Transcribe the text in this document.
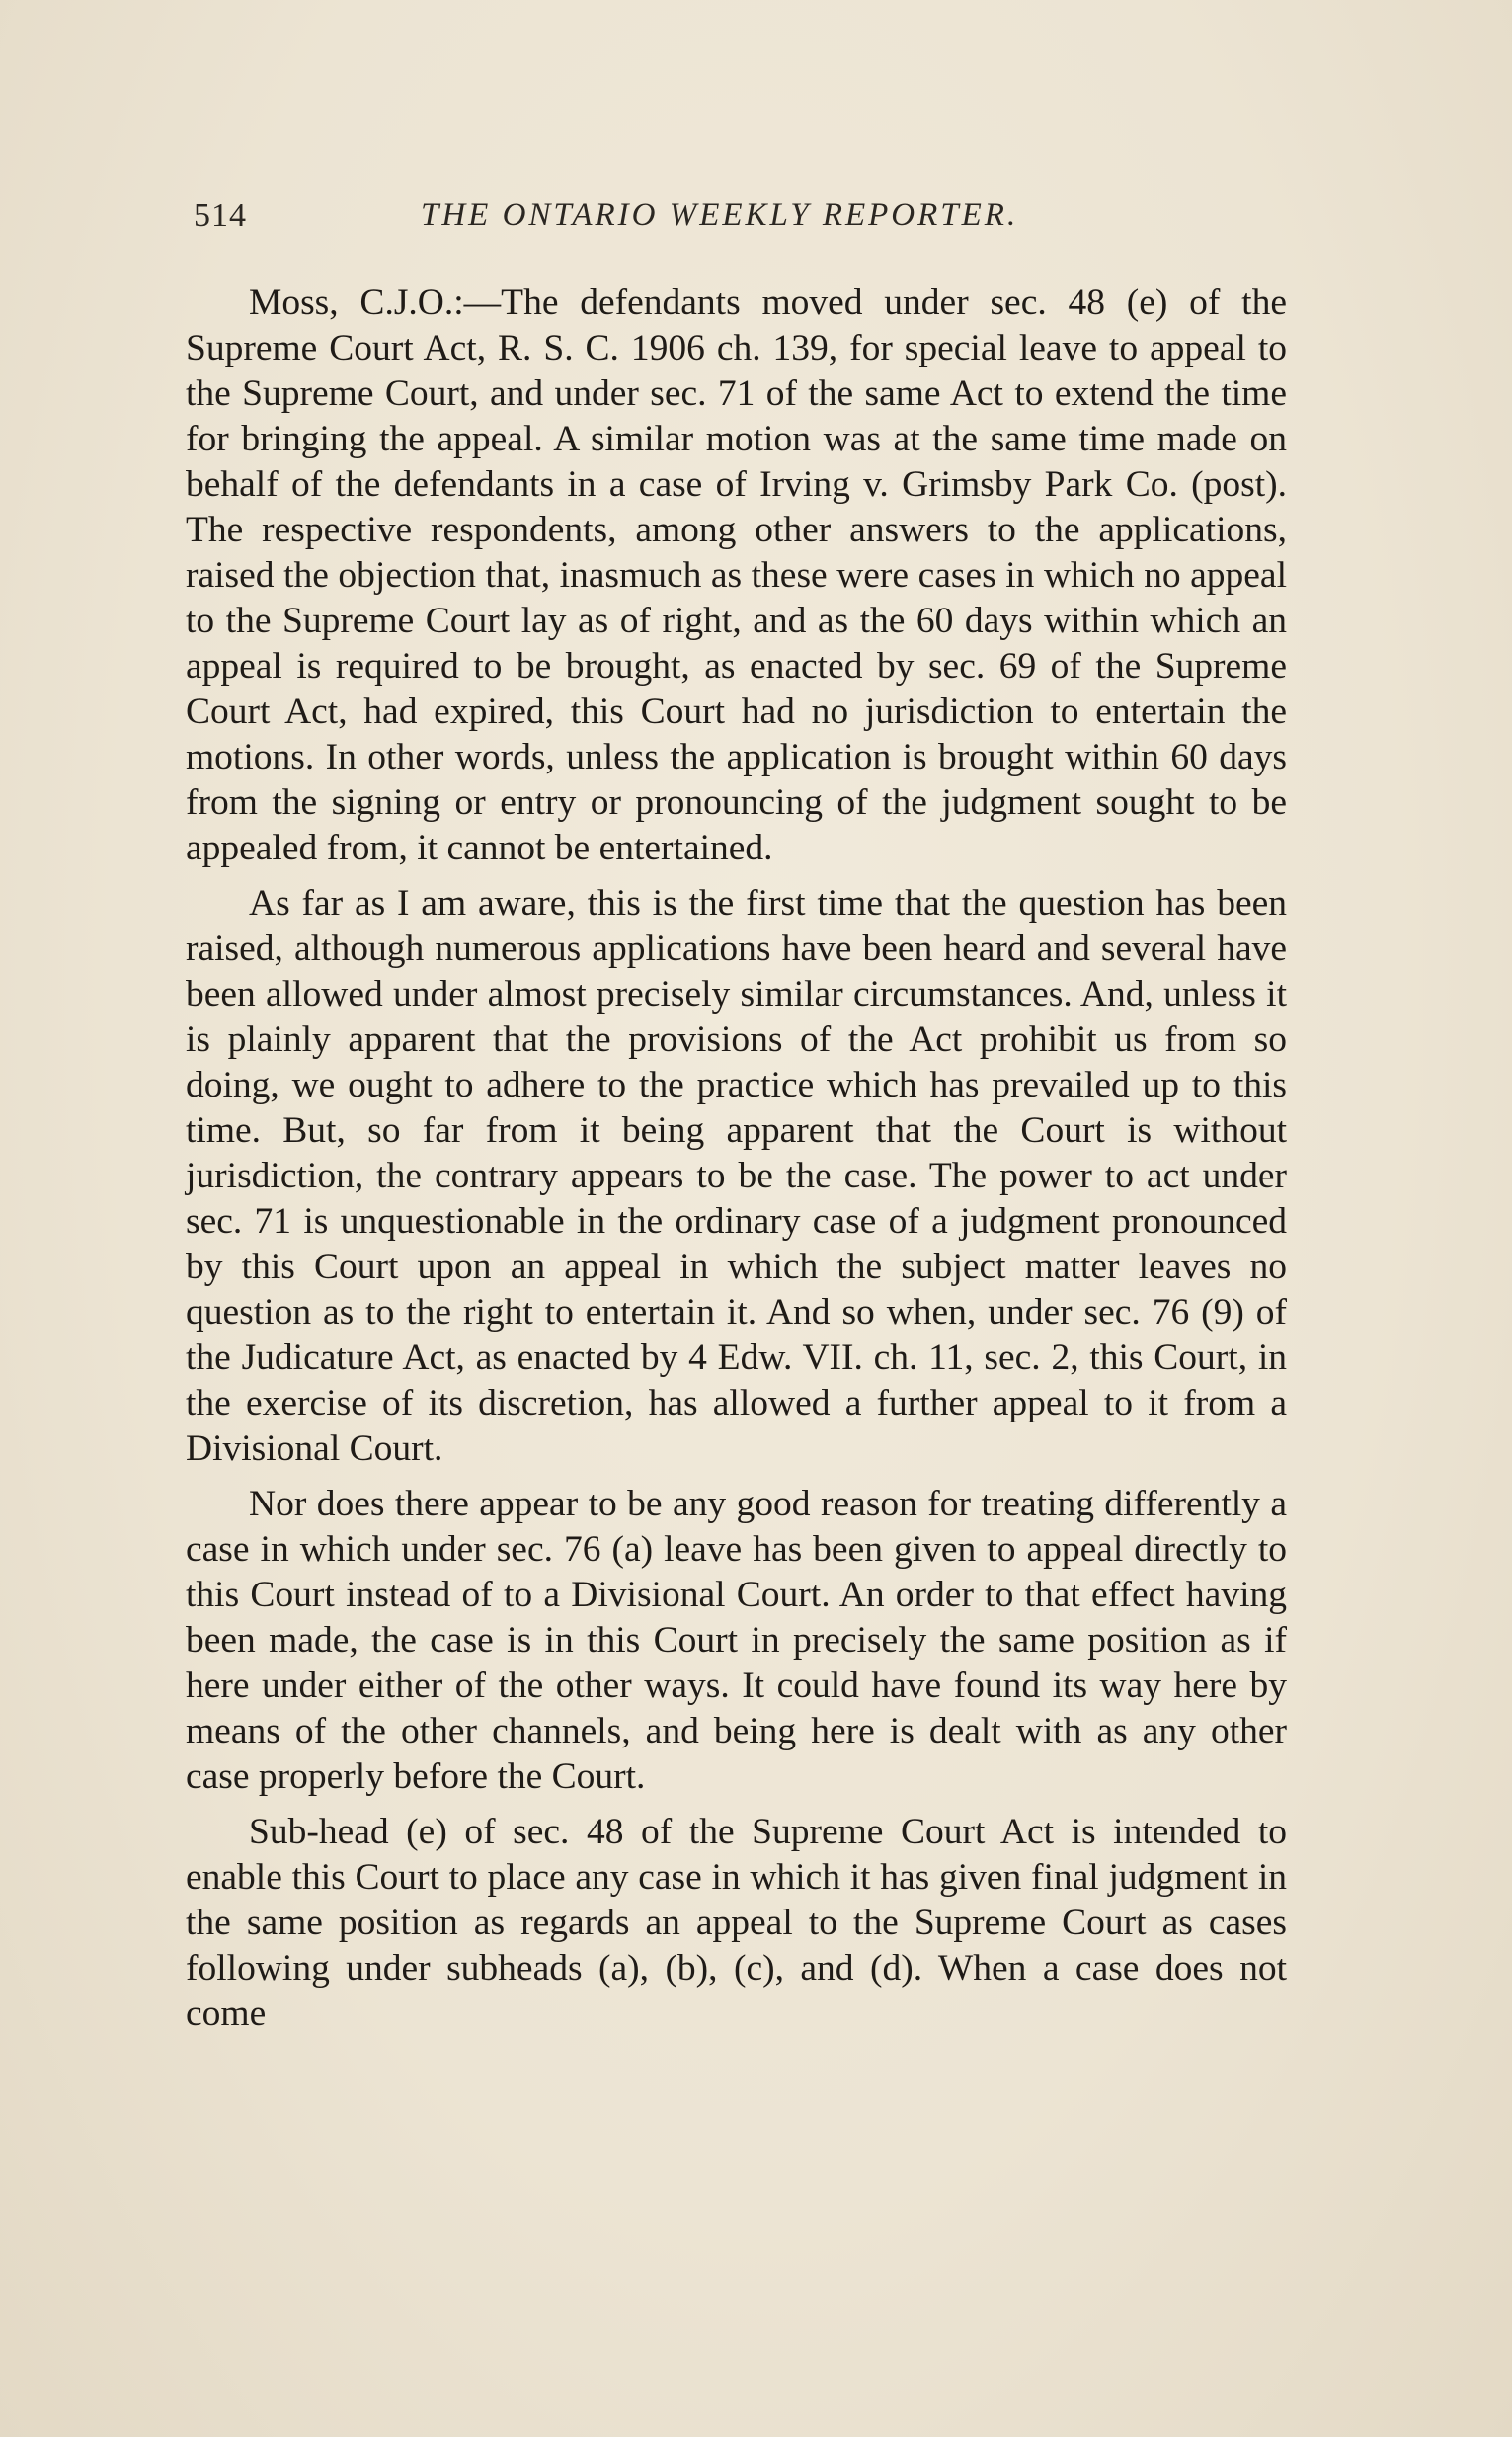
514	THE ONTARIO WEEKLY REPORTER.

Moss, C.J.O.:—The defendants moved under sec. 48 (e) of the Supreme Court Act, R. S. C. 1906 ch. 139, for special leave to appeal to the Supreme Court, and under sec. 71 of the same Act to extend the time for bringing the appeal. A similar motion was at the same time made on behalf of the defendants in a case of Irving v. Grimsby Park Co. (post). The respective respondents, among other answers to the applications, raised the objection that, inasmuch as these were cases in which no appeal to the Supreme Court lay as of right, and as the 60 days within which an appeal is required to be brought, as enacted by sec. 69 of the Supreme Court Act, had expired, this Court had no jurisdiction to entertain the motions. In other words, unless the application is brought within 60 days from the signing or entry or pronouncing of the judgment sought to be appealed from, it cannot be entertained.

As far as I am aware, this is the first time that the question has been raised, although numerous applications have been heard and several have been allowed under almost precisely similar circumstances. And, unless it is plainly apparent that the provisions of the Act prohibit us from so doing, we ought to adhere to the practice which has prevailed up to this time. But, so far from it being apparent that the Court is without jurisdiction, the contrary appears to be the case. The power to act under sec. 71 is unquestionable in the ordinary case of a judgment pronounced by this Court upon an appeal in which the subject matter leaves no question as to the right to entertain it. And so when, under sec. 76 (9) of the Judicature Act, as enacted by 4 Edw. VII. ch. 11, sec. 2, this Court, in the exercise of its discretion, has allowed a further appeal to it from a Divisional Court.

Nor does there appear to be any good reason for treating differently a case in which under sec. 76 (a) leave has been given to appeal directly to this Court instead of to a Divisional Court. An order to that effect having been made, the case is in this Court in precisely the same position as if here under either of the other ways. It could have found its way here by means of the other channels, and being here is dealt with as any other case properly before the Court.

Sub-head (e) of sec. 48 of the Supreme Court Act is intended to enable this Court to place any case in which it has given final judgment in the same position as regards an appeal to the Supreme Court as cases following under subheads (a), (b), (c), and (d). When a case does not come
